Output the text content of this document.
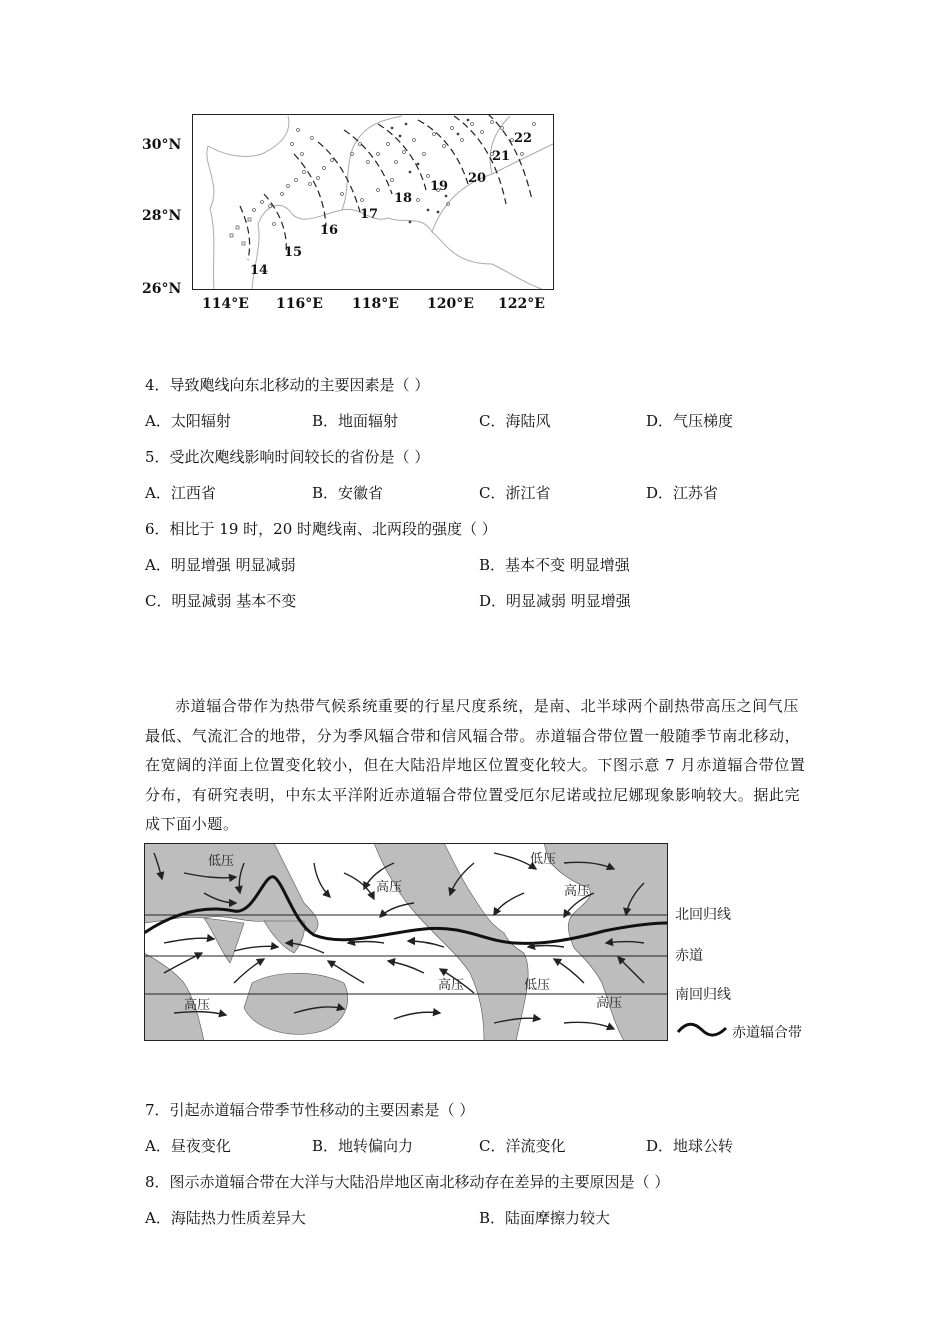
14
15
16
17
18
19
20
21
22
30°N
28°N
26°N
114°E 116°E 118°E 120°E 122°E
4．导致飑线向东北移动的主要因素是（ ）
A．太阳辐射	B．地面辐射	C．海陆风	D．气压梯度
5．受此次飑线影响时间较长的省份是（ ）
A．江西省	B．安徽省	C．浙江省	D．江苏省
6．相比于 19 时，20 时飑线南、北两段的强度（ ）
A．明显增强 明显减弱	B．基本不变 明显增强
C．明显减弱 基本不变	D．明显减弱 明显增强

赤道辐合带作为热带气候系统重要的行星尺度系统，是南、北半球两个副热带高压之间气压最低、气流汇合的地带，分为季风辐合带和信风辐合带。赤道辐合带位置一般随季节南北移动，在宽阔的洋面上位置变化较小，但在大陆沿岸地区位置变化较大。下图示意 7 月赤道辐合带位置分布，有研究表明，中东太平洋附近赤道辐合带位置受厄尔尼诺或拉尼娜现象影响较大。据此完成下面小题。

低压
高压
低压
高压
高压
高压	低压
高压
北回归线
赤道
南回归线
赤道辐合带
7．引起赤道辐合带季节性移动的主要因素是（ ）
A．昼夜变化	B．地转偏向力	C．洋流变化	D．地球公转
8．图示赤道辐合带在大洋与大陆沿岸地区南北移动存在差异的主要原因是（ ）
A．海陆热力性质差异大	B．陆面摩擦力较大
